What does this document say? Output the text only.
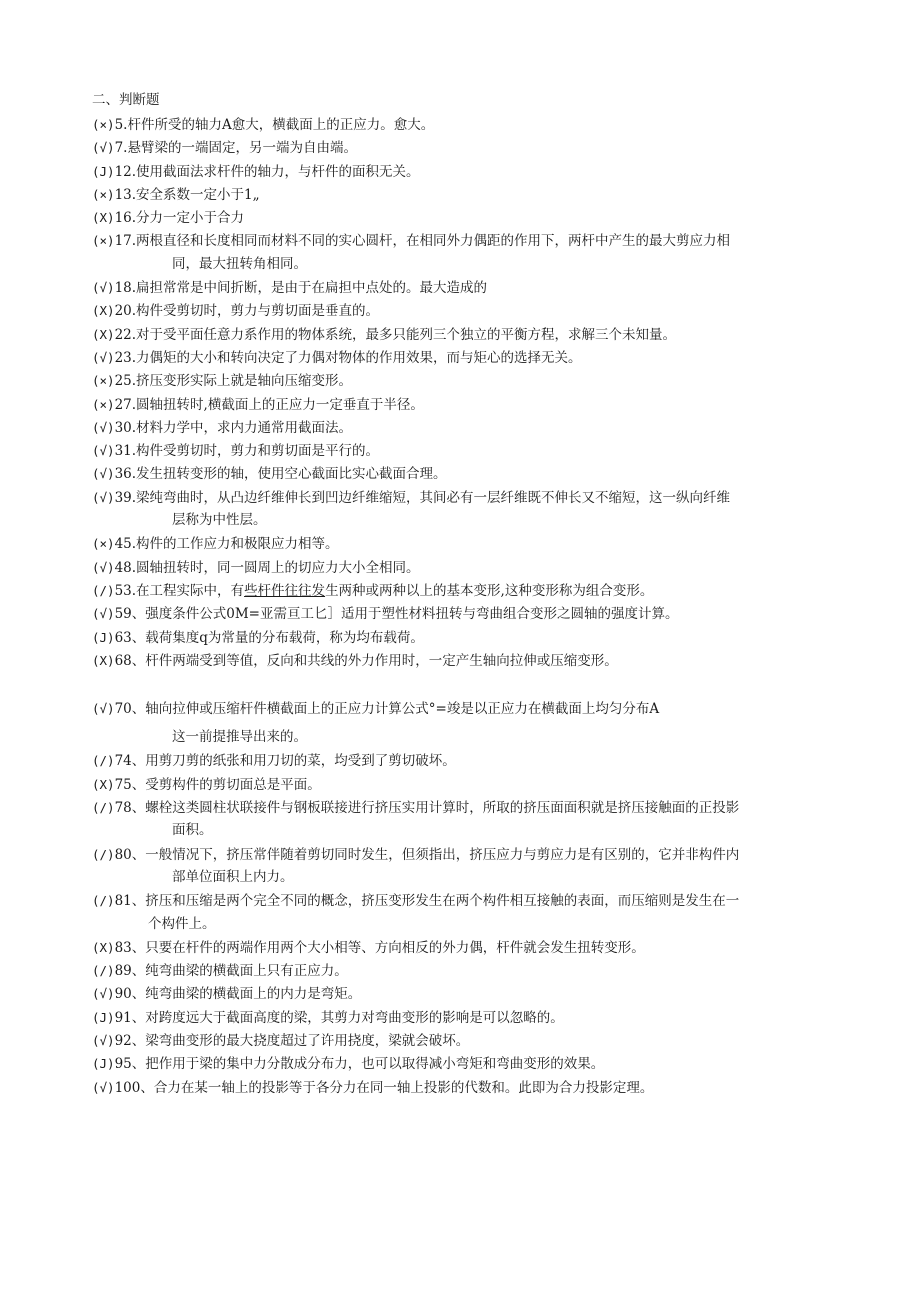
二、判断题
(×)5.杆件所受的轴力A愈大，横截面上的正应力。愈大。
(√)7.悬臂梁的一端固定，另一端为自由端。
(J)12.使用截面法求杆件的轴力，与杆件的面积无关。
(×)13.安全系数一定小于1„
(X)16.分力一定小于合力
(×)17.两根直径和长度相同而材料不同的实心圆杆，在相同外力偶距的作用下，两杆中产生的最大剪应力相
同，最大扭转角相同。
(√)18.扁担常常是中间折断，是由于在扁担中点处的。最大造成的
(X)20.构件受剪切时，剪力与剪切面是垂直的。
(X)22.对于受平面任意力系作用的物体系统，最多只能列三个独立的平衡方程，求解三个未知量。
(√)23.力偶矩的大小和转向决定了力偶对物体的作用效果，而与矩心的选择无关。
(×)25.挤压变形实际上就是轴向压缩变形。
(×)27.圆轴扭转时,横截面上的正应力一定垂直于半径。
(√)30.材料力学中，求内力通常用截面法。
(√)31.构件受剪切时，剪力和剪切面是平行的。
(√)36.发生扭转变形的轴，使用空心截面比实心截面合理。
(√)39.梁纯弯曲时，从凸边纤维伸长到凹边纤维缩短，其间必有一层纤维既不伸长又不缩短，这一纵向纤维
层称为中性层。
(×)45.构件的工作应力和极限应力相等。
(√)48.圆轴扭转时，同一圆周上的切应力大小全相同。
(/)53.在工程实际中，有些杆件往往发生两种或两种以上的基本变形,这种变形称为组合变形。
(√)59、强度条件公式0M=亚需亘工匕］适用于塑性材料扭转与弯曲组合变形之圆轴的强度计算。
(J)63、载荷集度q为常量的分布载荷，称为均布载荷。
(X)68、杆件两端受到等值，反向和共线的外力作用时，一定产生轴向拉伸或压缩变形。
(√)70、轴向拉伸或压缩杆件横截面上的正应力计算公式°=竣是以正应力在横截面上均匀分布A
这一前提推导出来的。
(/)74、用剪刀剪的纸张和用刀切的菜，均受到了剪切破坏。
(X)75、受剪构件的剪切面总是平面。
(/)78、螺栓这类圆柱状联接件与钢板联接进行挤压实用计算时，所取的挤压面面积就是挤压接触面的正投影
面积。
(/)80、一般情况下，挤压常伴随着剪切同时发生，但须指出，挤压应力与剪应力是有区别的，它并非构件内
部单位面积上内力。
(/)81、挤压和压缩是两个完全不同的概念，挤压变形发生在两个构件相互接触的表面，而压缩则是发生在一
个构件上。
(X)83、只要在杆件的两端作用两个大小相等、方向相反的外力偶，杆件就会发生扭转变形。
(/)89、纯弯曲梁的横截面上只有正应力。
(√)90、纯弯曲梁的横截面上的内力是弯矩。
(J)91、对跨度远大于截面高度的梁，其剪力对弯曲变形的影响是可以忽略的。
(√)92、梁弯曲变形的最大挠度超过了许用挠度，梁就会破坏。
(J)95、把作用于梁的集中力分散成分布力，也可以取得减小弯矩和弯曲变形的效果。
(√)100、合力在某一轴上的投影等于各分力在同一轴上投影的代数和。此即为合力投影定理。
